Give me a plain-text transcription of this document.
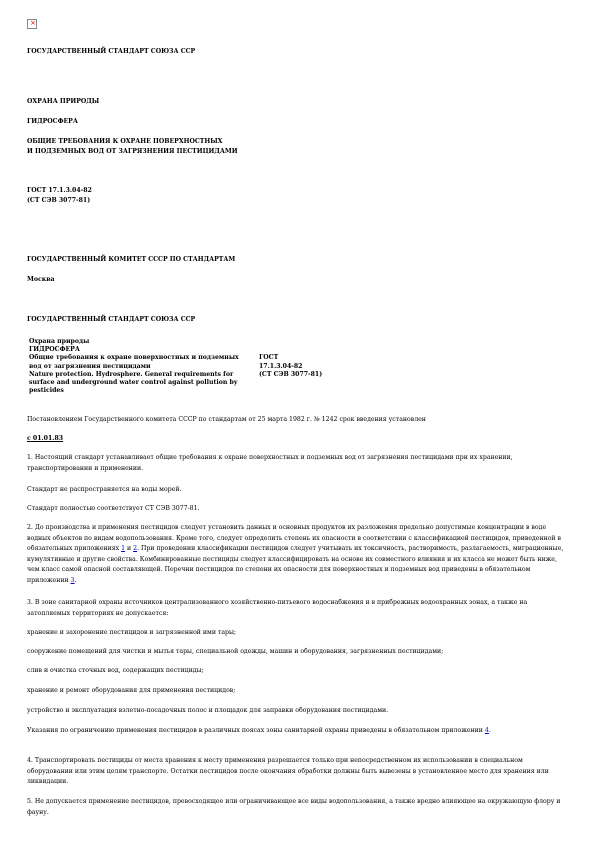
×
ГОСУДАРСТВЕННЫЙ СТАНДАРТ СОЮЗА ССР
ОХРАНА ПРИРОДЫ
ГИДРОСФЕРА
ОБЩИЕ ТРЕБОВАНИЯ К ОХРАНЕ ПОВЕРХНОСТНЫХ
И ПОДЗЕМНЫХ ВОД ОТ ЗАГРЯЗНЕНИЯ ПЕСТИЦИДАМИ
ГОСТ 17.1.3.04-82
(СТ СЭВ 3077-81)
ГОСУДАРСТВЕННЫЙ КОМИТЕТ СССР ПО СТАНДАРТАМ
Москва
ГОСУДАРСТВЕННЫЙ СТАНДАРТ СОЮЗА ССР
Охрана природы
ГИДРОСФЕРА
Общие требования к охране поверхностных и подземных вод от загрязнения пестицидами
Nature protection. Hydrosphere. General requirements for surface and underground water control against pollution by pesticides

ГОСТ
17.1.3.04-82
(СТ СЭВ 3077-81)
Постановлением Государственного комитета СССР по стандартам от 25 марта 1982 г. № 1242 срок введения установлен
с 01.01.83
1. Настоящий стандарт устанавливает общие требования к охране поверхностных и подземных вод от загрязнения пестицидами при их хранении, транспортировании и применении.
Стандарт не распространяется на воды морей.
Стандарт полностью соответствует СТ СЭВ 3077-81.
2. До производства и применения пестицидов следует установить данных и основных продуктов их разложения предельно допустимые концентрации в воде водных объектов по видам водопользования. Кроме того, следует определить степень их опасности в соответствии с классификацией пестицидов, приведенной в обязательных приложениях 1 и 2. При проведении классификации пестицидов следует учитывать их токсичность, растворимость, разлагаемость, миграционные, кумулятивные и другие свойства. Комбинированные пестициды следует классифицировать на основе их совместного влияния и их класса не может быть ниже, чем класс самой опасной составляющей. Перечни пестицидов по степени их опасности для поверхностных и подземных вод приведены в обязательном приложении 3.
3. В зоне санитарной охраны источников централизованного хозяйственно-питьевого водоснабжения и в прибрежных водоохранных зонах, а также на затопляемых территориях не допускается:
хранение и захоронение пестицидов и загрязненной ими тары;
сооружение помещений для чистки и мытья тары, специальной одежды, машин и оборудования, загрязненных пестицидами;
слив и очистка сточных вод, содержащих пестициды;
хранение и ремонт оборудования для применения пестицидов;
устройство и эксплуатация взлетно-посадочных полос и площадок для заправки оборудования пестицидами.
Указания по ограничению применения пестицидов в различных поясах зоны санитарной охраны приведены в обязательном приложении 4.
4. Транспортировать пестициды от места хранения к месту применения разрешается только при непосредственном их использовании в специальном оборудовании или этим целям транспорте. Остатки пестицидов после окончания обработки должны быть вывезены в установленное место для хранения или ликвидации.
5. Не допускается применение пестицидов, превосходящее или ограничивающее все виды водопользования, а также вредно влияющее на окружающую флору и фауну.
